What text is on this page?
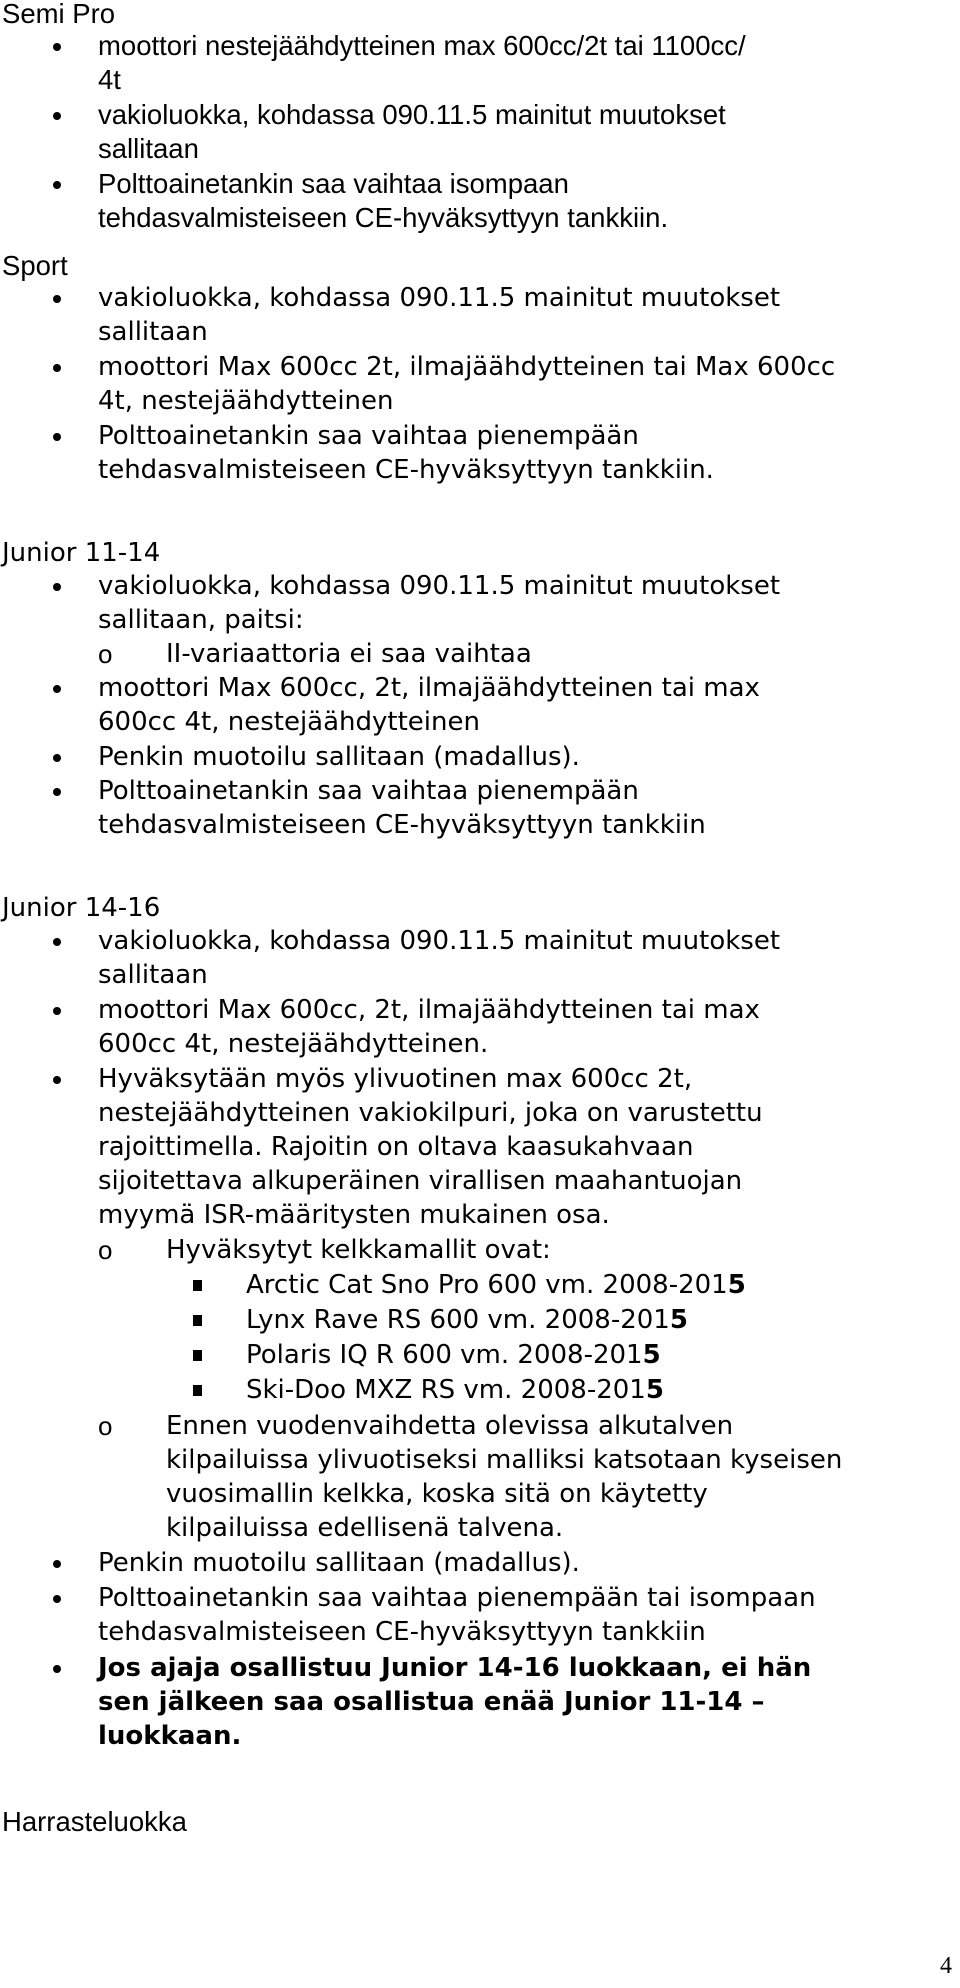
Semi Pro
moottori nestejäähdytteinen max 600cc/2t tai 1100cc/
4t
vakioluokka, kohdassa 090.11.5 mainitut muutokset
sallitaan
Polttoainetankin saa vaihtaa isompaan
tehdasvalmisteiseen CE-hyväksyttyyn tankkiin.
Sport
vakioluokka, kohdassa 090.11.5 mainitut muutokset
sallitaan
moottori Max 600cc 2t, ilmajäähdytteinen tai Max 600cc
4t, nestejäähdytteinen
Polttoainetankin saa vaihtaa pienempään
tehdasvalmisteiseen CE-hyväksyttyyn tankkiin.
Junior 11-14
vakioluokka, kohdassa 090.11.5 mainitut muutokset
sallitaan, paitsi:
o II-variaattoria ei saa vaihtaa
moottori Max 600cc, 2t, ilmajäähdytteinen tai max
600cc 4t, nestejäähdytteinen
Penkin muotoilu sallitaan (madallus).
Polttoainetankin saa vaihtaa pienempään
tehdasvalmisteiseen CE-hyväksyttyyn tankkiin
Junior 14-16
vakioluokka, kohdassa 090.11.5 mainitut muutokset
sallitaan
moottori Max 600cc, 2t, ilmajäähdytteinen tai max
600cc 4t, nestejäähdytteinen.
Hyväksytään myös ylivuotinen max 600cc 2t,
nestejäähdytteinen vakiokilpuri, joka on varustettu
rajoittimella. Rajoitin on oltava kaasukahvaan
sijoitettava alkuperäinen virallisen maahantuojan
myymä ISR-määritysten mukainen osa.
o Hyväksytyt kelkkamallit ovat:
Arctic Cat Sno Pro 600 vm. 2008-2015
Lynx Rave RS 600 vm. 2008-2015
Polaris IQ R 600 vm. 2008-2015
Ski-Doo MXZ RS vm. 2008-2015
o Ennen vuodenvaihdetta olevissa alkutalven
kilpailuissa ylivuotiseksi malliksi katsotaan kyseisen
vuosimallin kelkka, koska sitä on käytetty
kilpailuissa edellisenä talvena.
Penkin muotoilu sallitaan (madallus).
Polttoainetankin saa vaihtaa pienempään tai isompaan
tehdasvalmisteiseen CE-hyväksyttyyn tankkiin
Jos ajaja osallistuu Junior 14-16 luokkaan, ei hän
sen jälkeen saa osallistua enää Junior 11-14 –
luokkaan.
Harrasteluokka
4
